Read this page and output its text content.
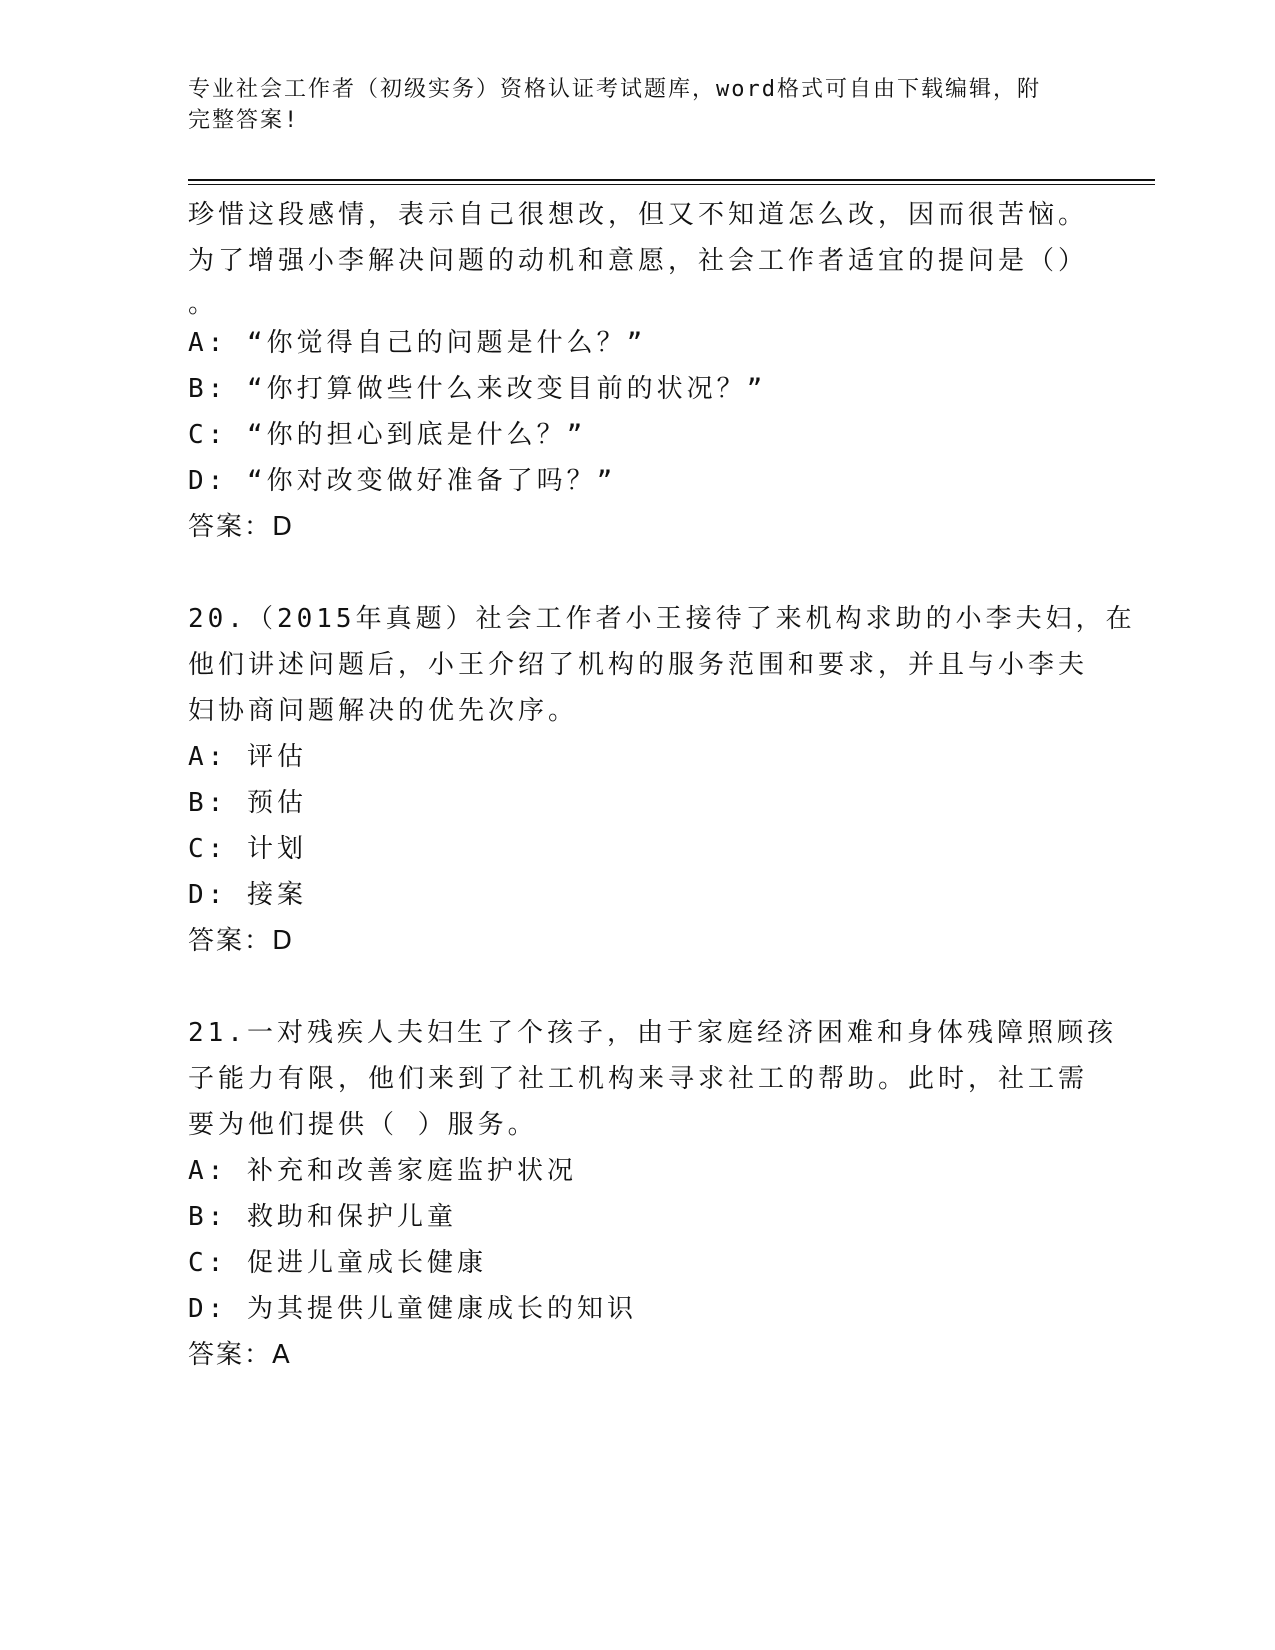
专业社会工作者（初级实务）资格认证考试题库，word格式可自由下载编辑，附
完整答案!
珍惜这段感情，表示自己很想改，但又不知道怎么改，因而很苦恼。
为了增强小李解决问题的动机和意愿，社会工作者适宜的提问是（）
。
A: “你觉得自己的问题是什么？”
B: “你打算做些什么来改变目前的状况？”
C: “你的担心到底是什么？”
D: “你对改变做好准备了吗？”
答案：D
20.（2015年真题）社会工作者小王接待了来机构求助的小李夫妇，在
他们讲述问题后，小王介绍了机构的服务范围和要求，并且与小李夫
妇协商问题解决的优先次序。
A: 评估
B: 预估
C: 计划
D: 接案
答案：D
21.一对残疾人夫妇生了个孩子，由于家庭经济困难和身体残障照顾孩
子能力有限，他们来到了社工机构来寻求社工的帮助。此时，社工需
要为他们提供（ ）服务。
A: 补充和改善家庭监护状况
B: 救助和保护儿童
C: 促进儿童成长健康
D: 为其提供儿童健康成长的知识
答案：A
